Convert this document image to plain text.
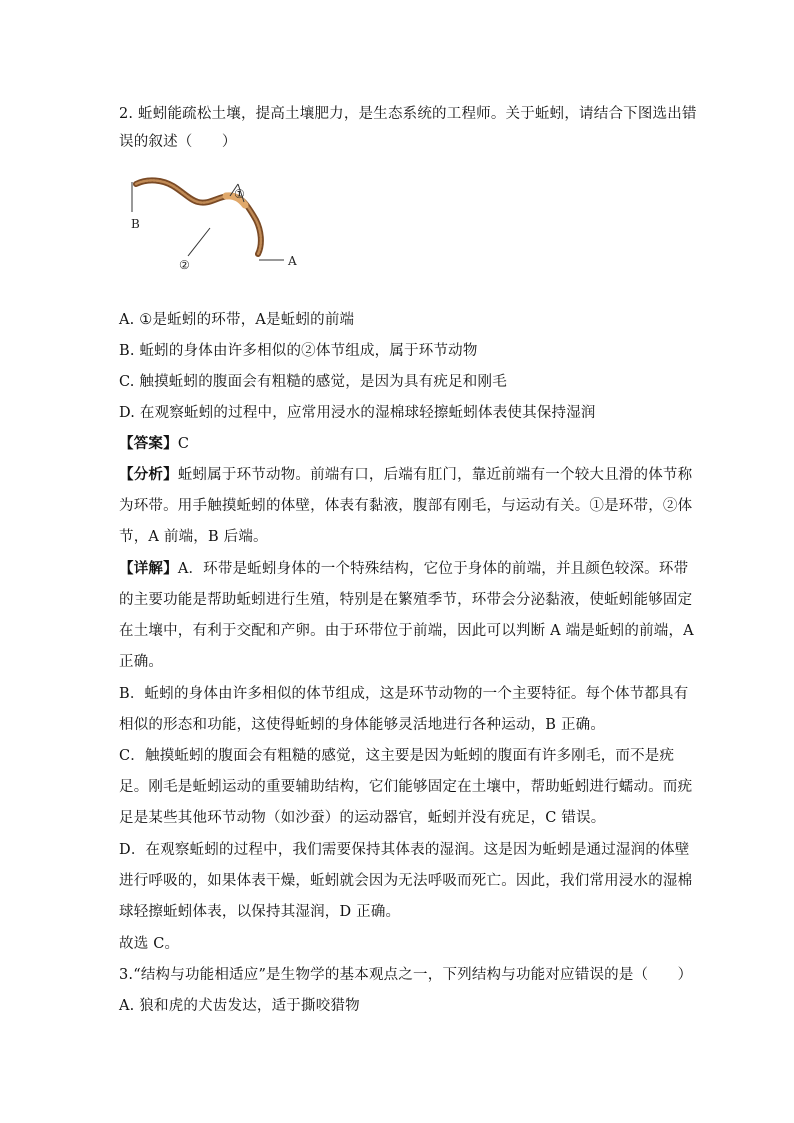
2. 蚯蚓能疏松土壤，提高土壤肥力，是生态系统的工程师。关于蚯蚓，请结合下图选出错
误的叙述（　　）
B
①
②	A
A. ①是蚯蚓的环带，A是蚯蚓的前端
B. 蚯蚓的身体由许多相似的②体节组成，属于环节动物
C. 触摸蚯蚓的腹面会有粗糙的感觉，是因为具有疣足和刚毛
D. 在观察蚯蚓的过程中，应常用浸水的湿棉球轻擦蚯蚓体表使其保持湿润
【答案】C
【分析】蚯蚓属于环节动物。前端有口，后端有肛门，靠近前端有一个较大且滑的体节称
为环带。用手触摸蚯蚓的体壁，体表有黏液，腹部有刚毛，与运动有关。①是环带，②体
节，A 前端，B 后端。
【详解】A．环带是蚯蚓身体的一个特殊结构，它位于身体的前端，并且颜色较深。环带
的主要功能是帮助蚯蚓进行生殖，特别是在繁殖季节，环带会分泌黏液，使蚯蚓能够固定
在土壤中，有利于交配和产卵。由于环带位于前端，因此可以判断 A 端是蚯蚓的前端，A
正确。
B．蚯蚓的身体由许多相似的体节组成，这是环节动物的一个主要特征。每个体节都具有
相似的形态和功能，这使得蚯蚓的身体能够灵活地进行各种运动，B 正确。
C．触摸蚯蚓的腹面会有粗糙的感觉，这主要是因为蚯蚓的腹面有许多刚毛，而不是疣
足。刚毛是蚯蚓运动的重要辅助结构，它们能够固定在土壤中，帮助蚯蚓进行蠕动。而疣
足是某些其他环节动物（如沙蚕）的运动器官，蚯蚓并没有疣足，C 错误。
D．在观察蚯蚓的过程中，我们需要保持其体表的湿润。这是因为蚯蚓是通过湿润的体壁
进行呼吸的，如果体表干燥，蚯蚓就会因为无法呼吸而死亡。因此，我们常用浸水的湿棉
球轻擦蚯蚓体表，以保持其湿润，D 正确。
故选 C。
3.“结构与功能相适应”是生物学的基本观点之一，下列结构与功能对应错误的是（　　）
A. 狼和虎的犬齿发达，适于撕咬猎物
